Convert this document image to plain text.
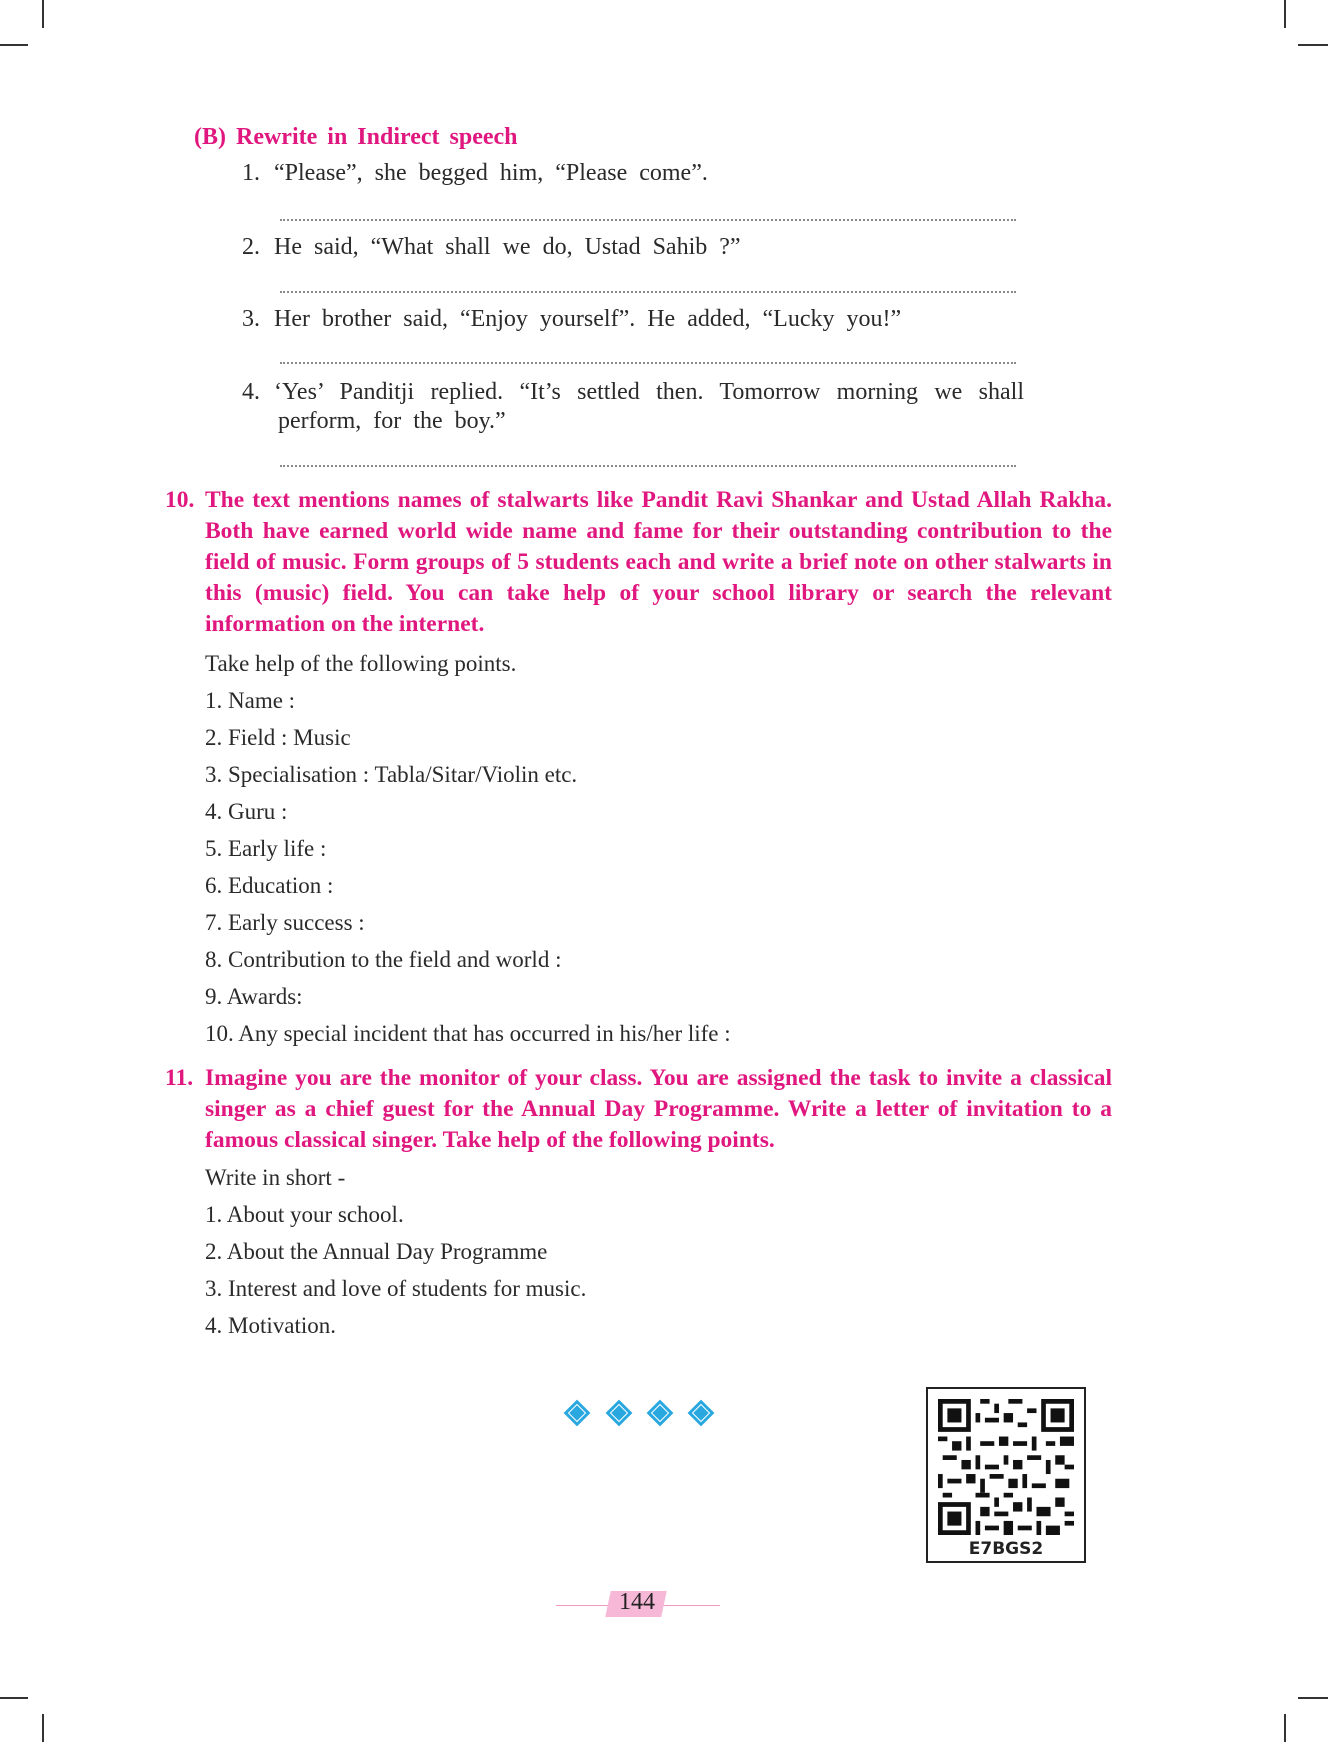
(B) Rewrite in Indirect speech
1. “Please”, she begged him, “Please come”.
2. He said, “What shall we do, Ustad Sahib ?”
3. Her brother said, “Enjoy yourself”. He added, “Lucky you!”
4. ‘Yes’ Panditji replied. “It’s settled then. Tomorrow morning we shall
perform, for the boy.”
10. The text mentions names of stalwarts like Pandit Ravi Shankar and Ustad Allah Rakha. Both have earned world wide name and fame for their outstanding contribution to the field of music. Form groups of 5 students each and write a brief note on other stalwarts in this (music) field. You can take help of your school library or search the relevant information on the internet.
Take help of the following points.
1. Name :
2. Field : Music
3. Specialisation : Tabla/Sitar/Violin etc.
4. Guru :
5. Early life :
6. Education :
7. Early success :
8. Contribution to the field and world :
9. Awards:
10. Any special incident that has occurred in his/her life :
11. Imagine you are the monitor of your class. You are assigned the task to invite a classical singer as a chief guest for the Annual Day Programme. Write a letter of invitation to a famous classical singer. Take help of the following points.
Write in short -
1. About your school.
2. About the Annual Day Programme
3. Interest and love of students for music.
4. Motivation.
E7BGS2
144
